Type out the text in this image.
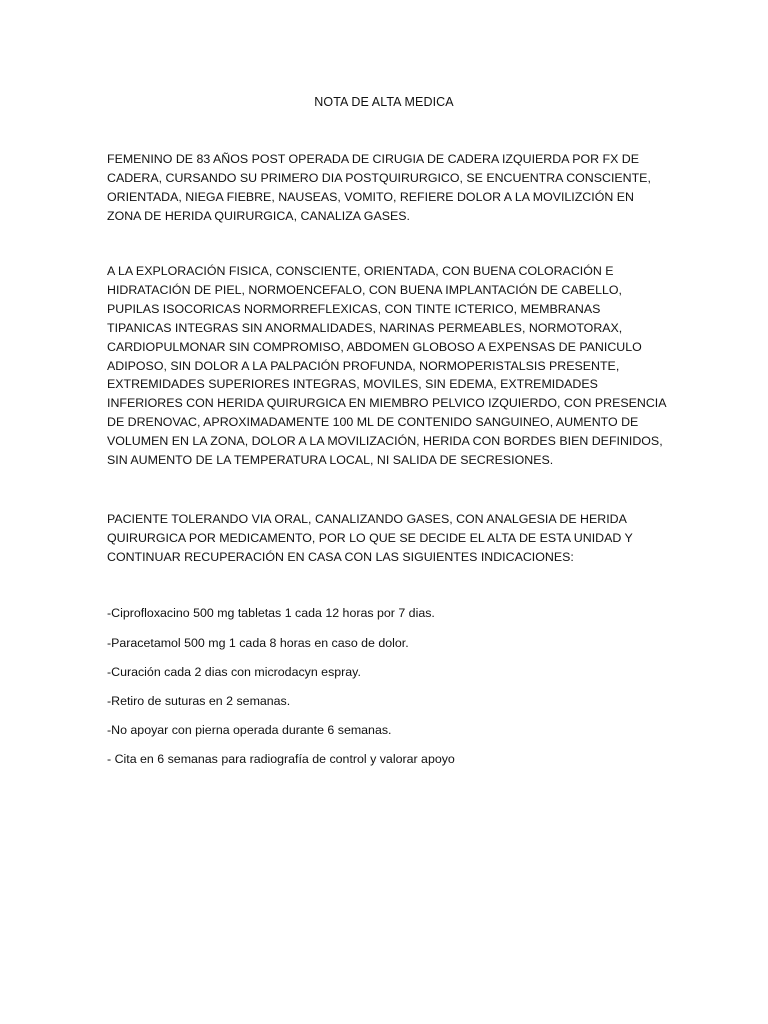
NOTA DE ALTA MEDICA

FEMENINO DE 83 AÑOS POST OPERADA DE CIRUGIA DE CADERA IZQUIERDA POR FX DE CADERA, CURSANDO SU PRIMERO DIA POSTQUIRURGICO, SE ENCUENTRA CONSCIENTE, ORIENTADA, NIEGA FIEBRE, NAUSEAS, VOMITO, REFIERE DOLOR A LA MOVILIZCIÓN EN ZONA DE HERIDA QUIRURGICA, CANALIZA GASES.

A LA EXPLORACIÓN FISICA, CONSCIENTE, ORIENTADA, CON BUENA COLORACIÓN E HIDRATACIÓN DE PIEL, NORMOENCEFALO, CON BUENA IMPLANTACIÓN DE CABELLO, PUPILAS ISOCORICAS NORMORREFLEXICAS, CON TINTE ICTERICO, MEMBRANAS TIPANICAS INTEGRAS SIN ANORMALIDADES, NARINAS PERMEABLES, NORMOTORAX, CARDIOPULMONAR SIN COMPROMISO, ABDOMEN GLOBOSO A EXPENSAS DE PANICULO ADIPOSO, SIN DOLOR A LA PALPACIÓN PROFUNDA, NORMOPERISTALSIS PRESENTE, EXTREMIDADES SUPERIORES INTEGRAS, MOVILES, SIN EDEMA, EXTREMIDADES INFERIORES CON HERIDA QUIRURGICA EN MIEMBRO PELVICO IZQUIERDO, CON PRESENCIA DE DRENOVAC, APROXIMADAMENTE 100 ML DE CONTENIDO SANGUINEO, AUMENTO DE VOLUMEN EN LA ZONA, DOLOR A LA MOVILIZACIÓN, HERIDA CON BORDES BIEN DEFINIDOS, SIN AUMENTO DE LA TEMPERATURA LOCAL, NI SALIDA DE SECRESIONES.

PACIENTE TOLERANDO VIA ORAL, CANALIZANDO GASES, CON ANALGESIA DE HERIDA QUIRURGICA POR MEDICAMENTO, POR LO QUE SE DECIDE EL ALTA DE ESTA UNIDAD Y CONTINUAR RECUPERACIÓN EN CASA CON LAS SIGUIENTES INDICACIONES:

-Ciprofloxacino 500 mg tabletas 1 cada 12 horas por 7 dias.
-Paracetamol 500 mg 1 cada 8 horas en caso de dolor.
-Curación cada 2 dias con microdacyn espray.
-Retiro de suturas en 2 semanas.
-No apoyar con pierna operada durante 6 semanas.
- Cita en 6 semanas para radiografía de control y valorar apoyo
